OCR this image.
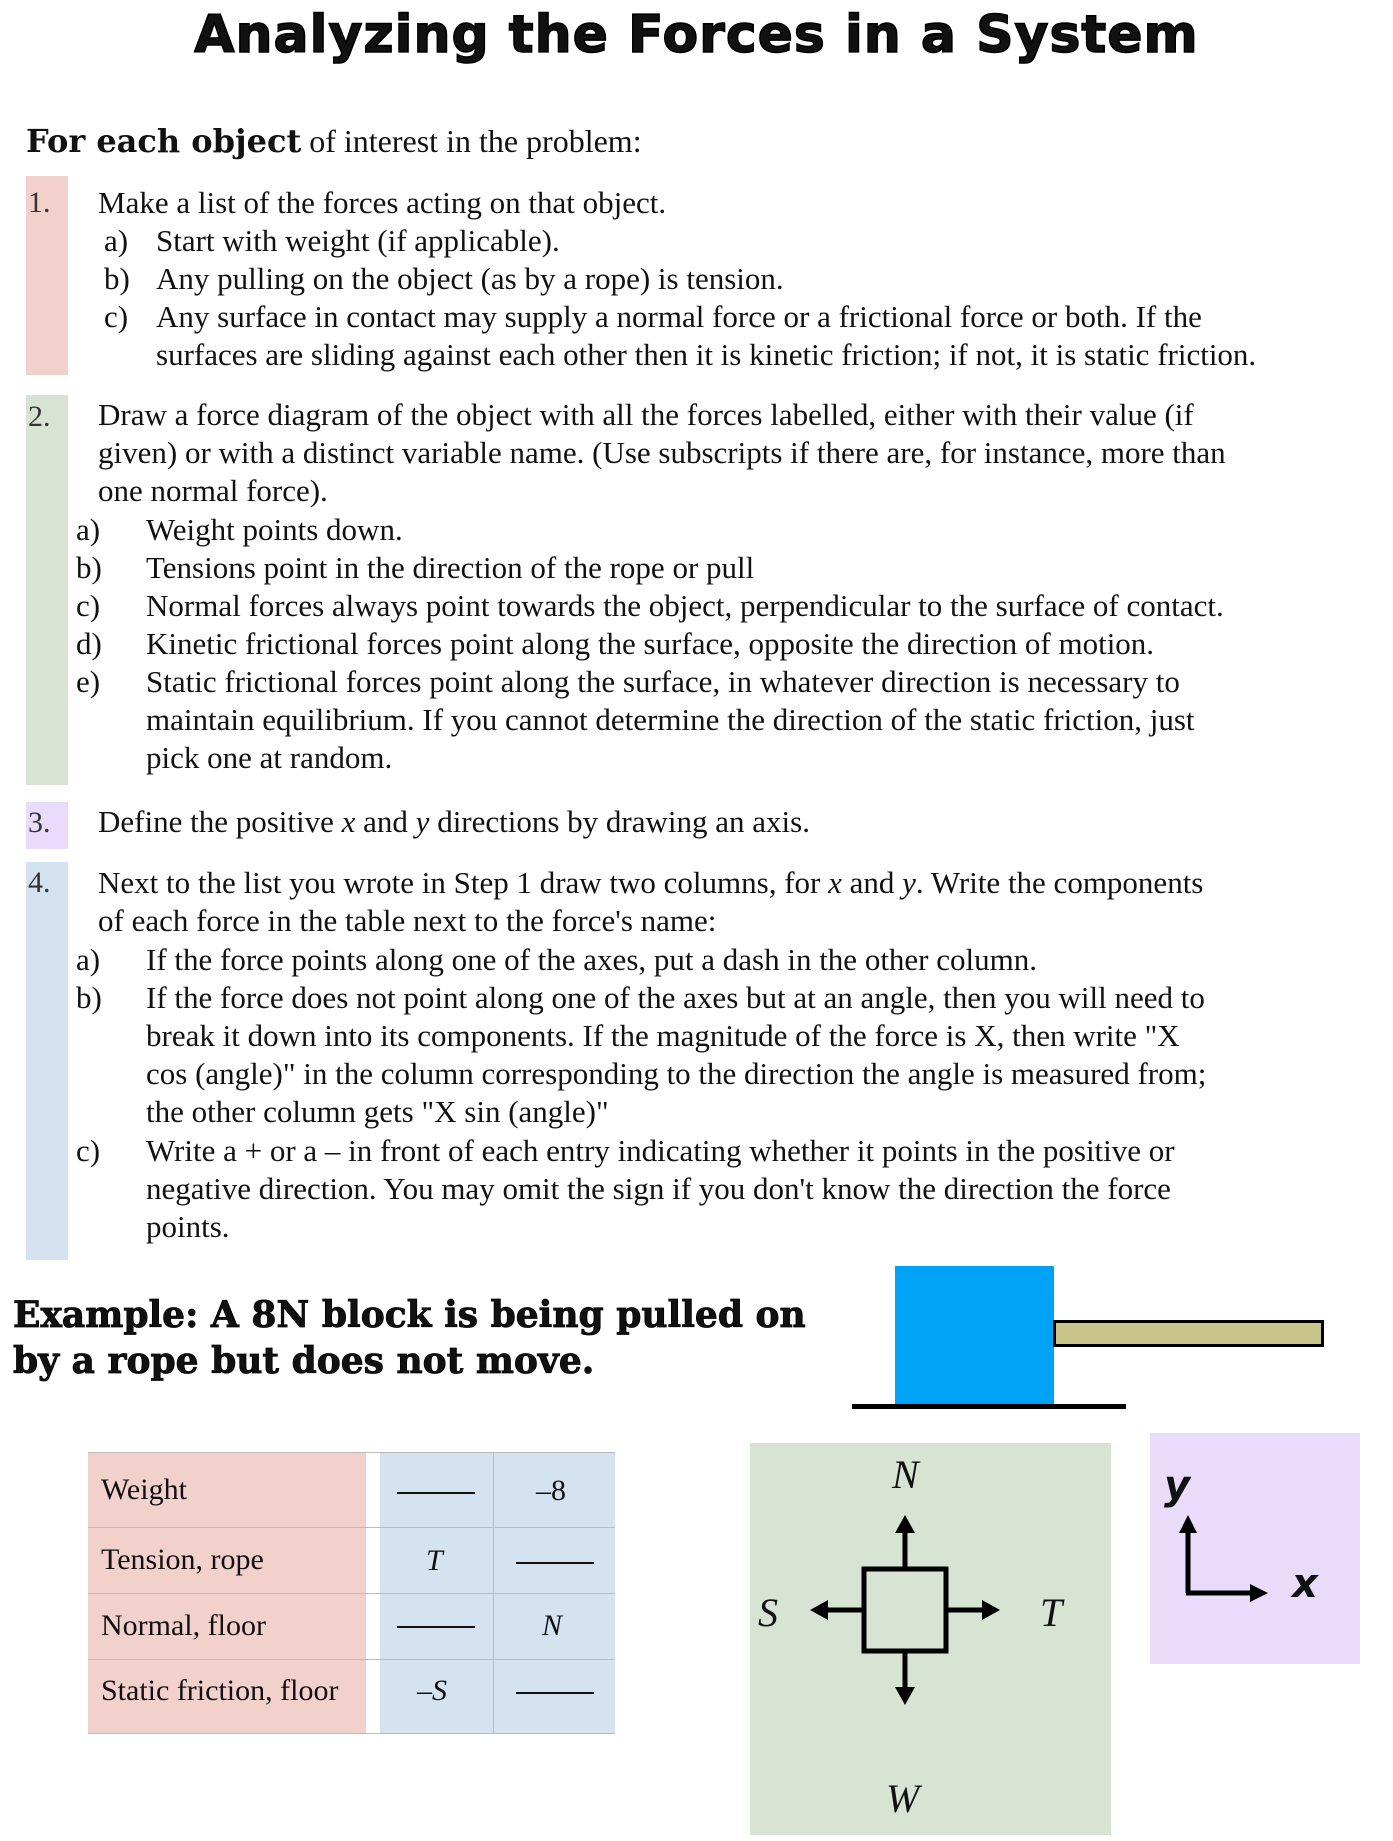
Analyzing the Forces in a System
For each object of interest in the problem:
1. Make a list of the forces acting on that object.
a) Start with weight (if applicable).
b) Any pulling on the object (as by a rope) is tension.
c) Any surface in contact may supply a normal force or a frictional force or both. If the
surfaces are sliding against each other then it is kinetic friction; if not, it is static friction.
2. Draw a force diagram of the object with all the forces labelled, either with their value (if
given) or with a distinct variable name. (Use subscripts if there are, for instance, more than
one normal force).
a) Weight points down.
b) Tensions point in the direction of the rope or pull
c) Normal forces always point towards the object, perpendicular to the surface of contact.
d) Kinetic frictional forces point along the surface, opposite the direction of motion.
e) Static frictional forces point along the surface, in whatever direction is necessary to
maintain equilibrium. If you cannot determine the direction of the static friction, just
pick one at random.
3. Define the positive x and y directions by drawing an axis.
4. Next to the list you wrote in Step 1 draw two columns, for x and y. Write the components
of each force in the table next to the force's name:
a) If the force points along one of the axes, put a dash in the other column.
b) If the force does not point along one of the axes but at an angle, then you will need to
break it down into its components. If the magnitude of the force is X, then write "X
cos (angle)" in the column corresponding to the direction the angle is measured from;
the other column gets "X sin (angle)"
c) Write a + or a – in front of each entry indicating whether it points in the positive or
negative direction. You may omit the sign if you don't know the direction the force
points.
Example: A 8N block is being pulled on
by a rope but does not move.
Weight
Tension, rope
Normal, floor
Static friction, floor
–8
T
N
–S
N
W
S	T
y
x
